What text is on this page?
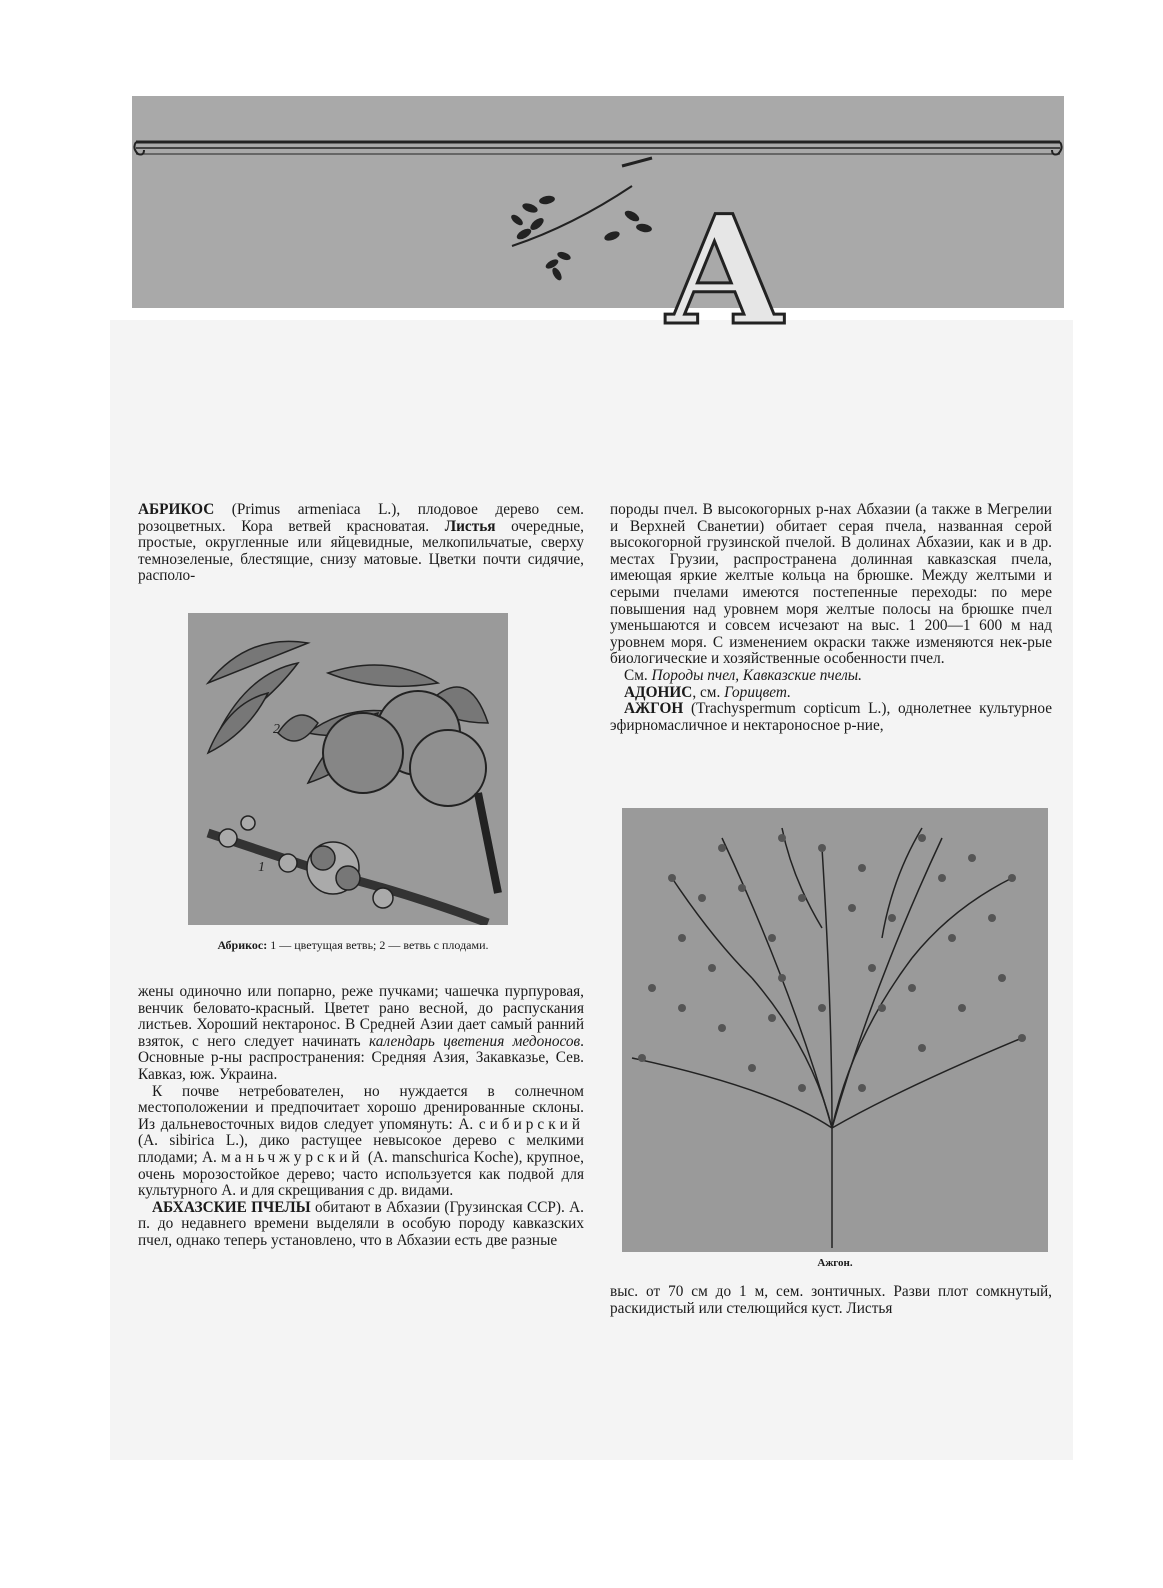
A

АБРИКОС (Primus armeniaca L.), плодовое дерево сем. розоцветных. Кора ветвей красноватая. Листья очередные, простые, округленные или яйцевидные, мелкопильчатые, сверху темнозеленые, блестящие, снизу матовые. Цветки почти сидячие, располо-

2
1
Абрикос: 1 — цветущая ветвь; 2 — ветвь с плодами.

жены одиночно или попарно, реже пучками; чашечка пурпуровая, венчик беловато-красный. Цветет рано весной, до распускания листьев. Хороший нектаронос. В Средней Азии дает самый ранний взяток, с него следует начинать календарь цветения медоносов. Основные р-ны распространения: Средняя Азия, Закавказье, Сев. Кавказ, юж. Украина.

К почве нетребователен, но нуждается в солнечном местоположении и предпочитает хорошо дренированные склоны. Из дальневосточных видов следует упомянуть: А. сибирский (A. sibirica L.), дико растущее невысокое дерево с мелкими плодами; А. маньчжурский (A. manschurica Koche), крупное, очень морозостойкое дерево; часто используется как подвой для культурного А. и для скрещивания с др. видами.

АБХАЗСКИЕ ПЧЕЛЫ обитают в Абхазии (Грузинская ССР). А. п. до недавнего времени выделяли в особую породу кавказских пчел, однако теперь установлено, что в Абхазии есть две разные

породы пчел. В высокогорных р-нах Абхазии (а также в Мегрелии и Верхней Сванетии) обитает серая пчела, названная серой высокогорной грузинской пчелой. В долинах Абхазии, как и в др. местах Грузии, распространена долинная кавказская пчела, имеющая яркие желтые кольца на брюшке. Между желтыми и серыми пчелами имеются постепенные переходы: по мере повышения над уровнем моря желтые полосы на брюшке пчел уменьшаются и совсем исчезают на выс. 1 200—1 600 м над уровнем моря. С изменением окраски также изменяются нек-рые биологические и хозяйственные особенности пчел.

См. Породы пчел, Кавказские пчелы.

АДОНИС, см. Горицвет.

АЖГОН (Trachyspermum copticum L.), однолетнее культурное эфирномасличное и нектароносное р-ние,

Ажгон.

выс. от 70 см до 1 м, сем. зонтичных. Разви плот сомкнутый, раскидистый или стелющийся куст. Листья
